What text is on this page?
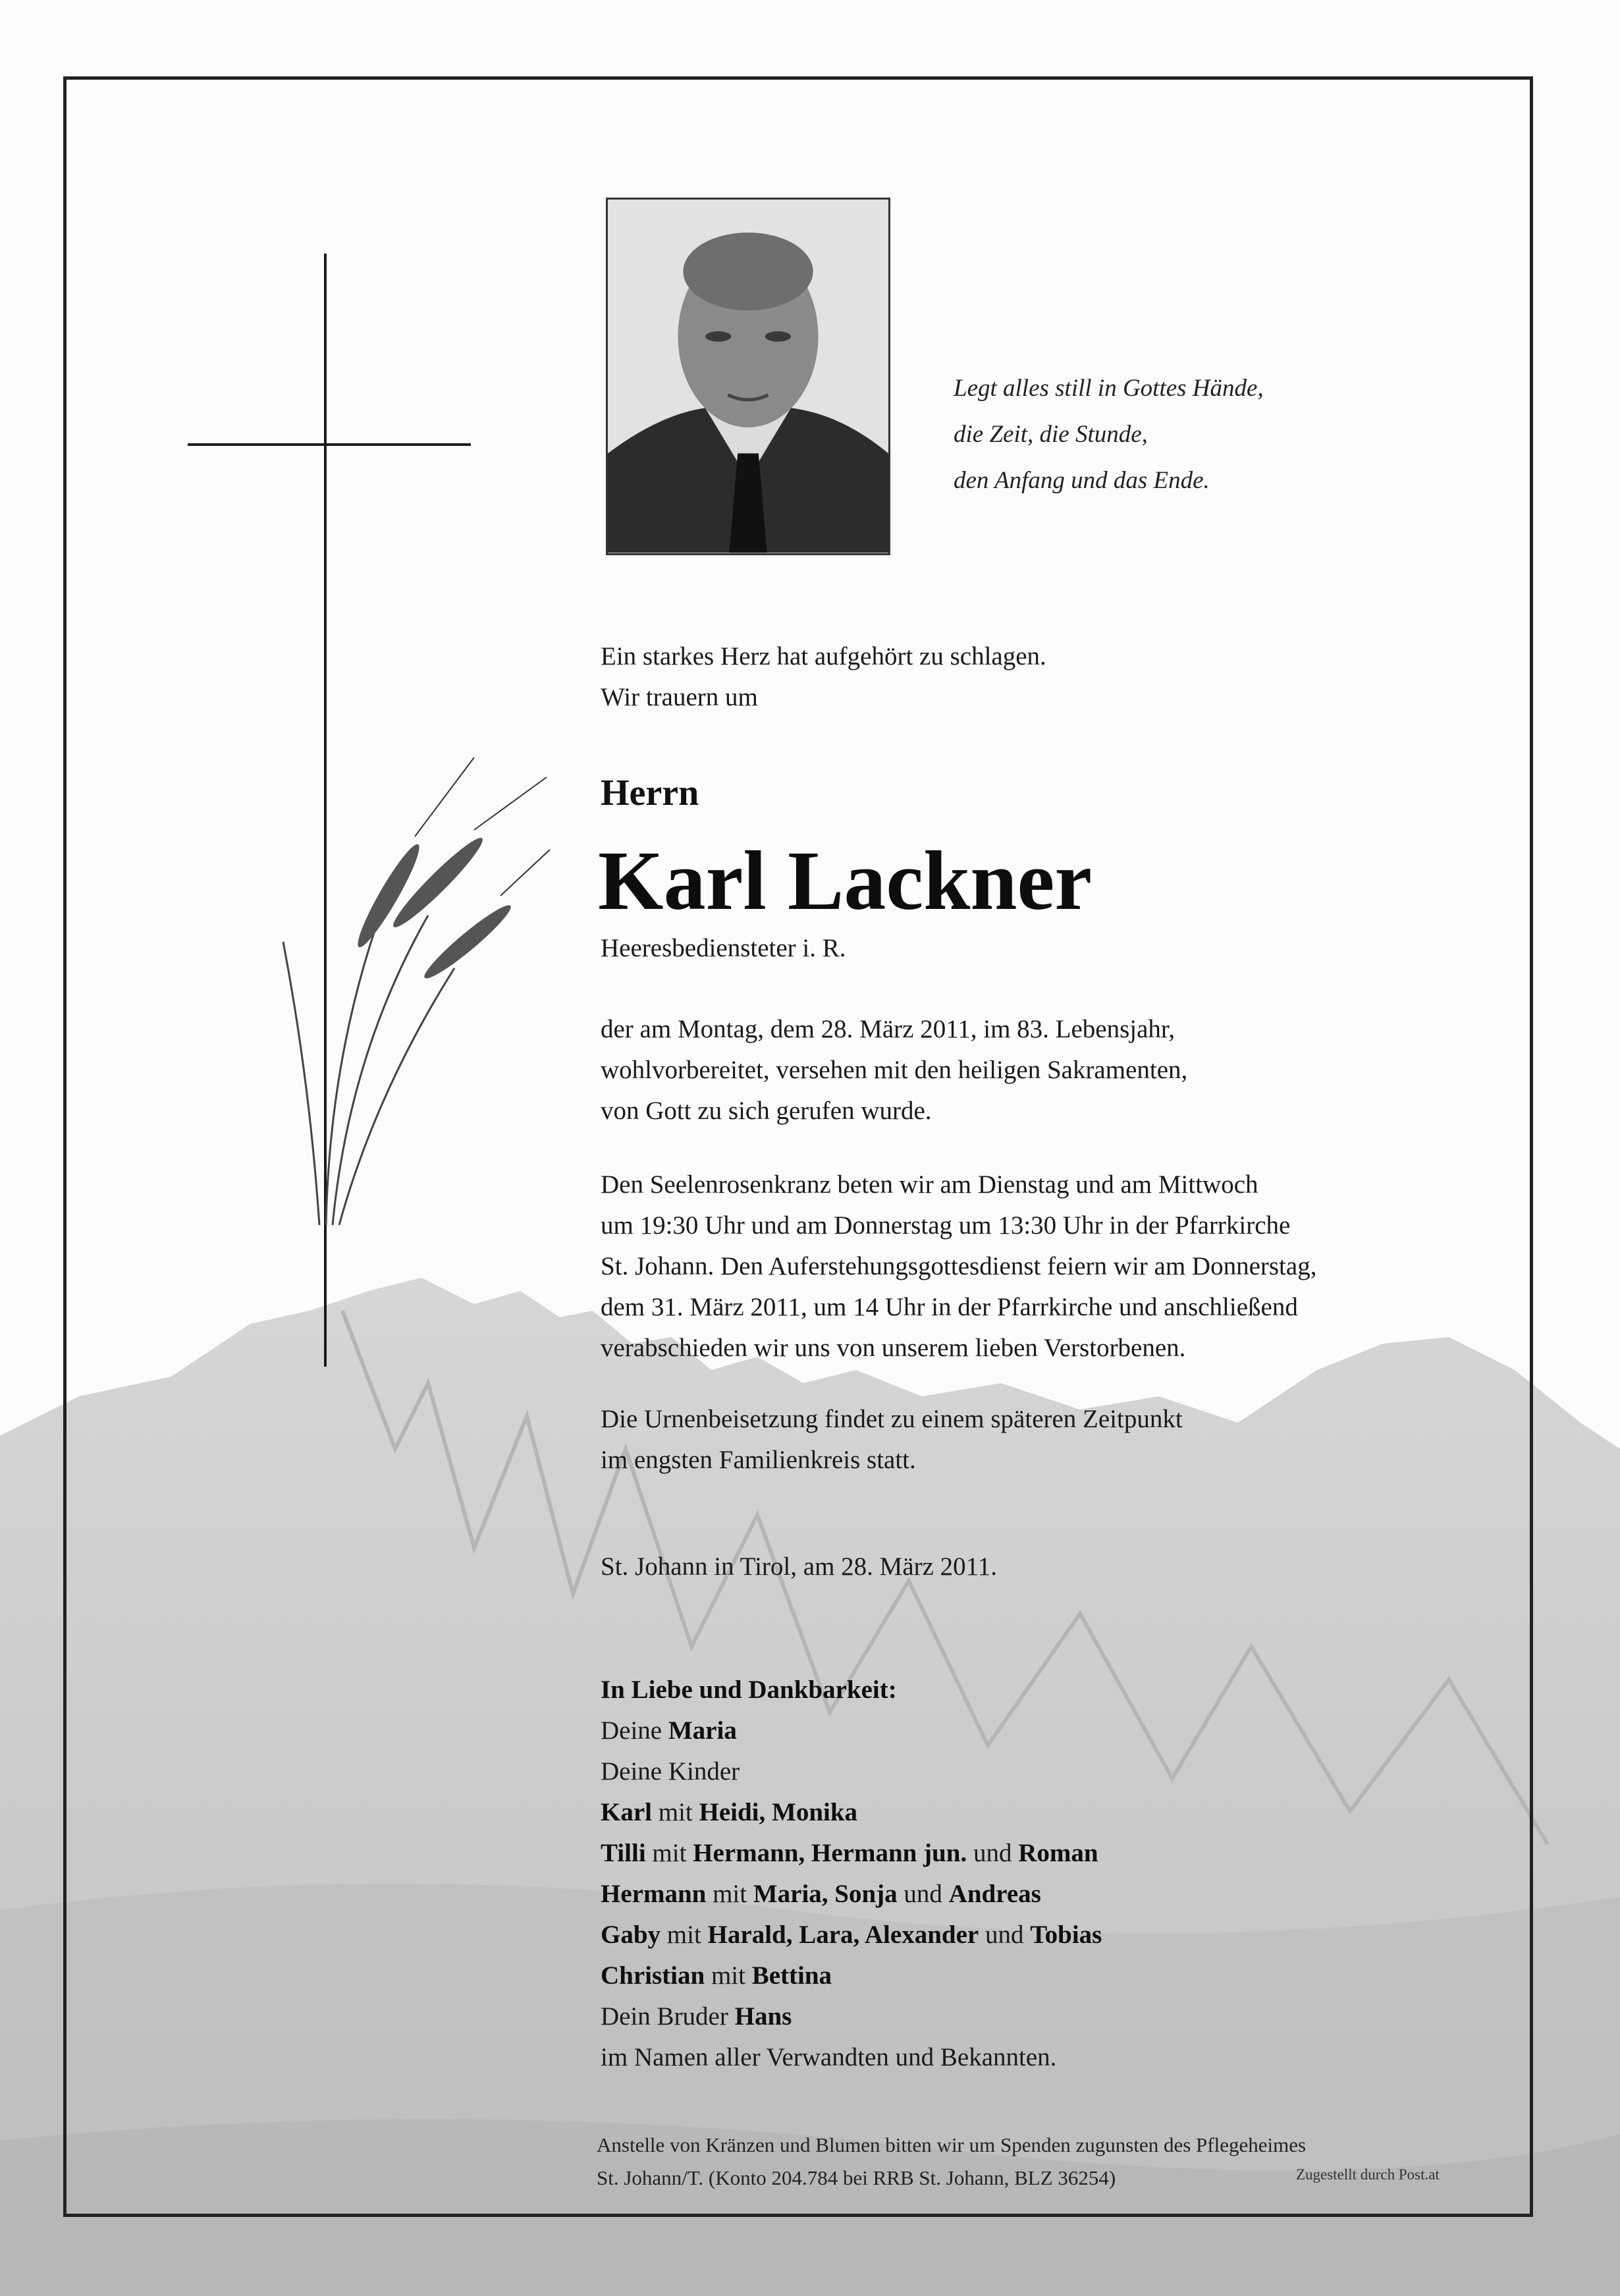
Legt alles still in Gottes Hände,
die Zeit, die Stunde,
den Anfang und das Ende.
Ein starkes Herz hat aufgehört zu schlagen.
Wir trauern um
Herrn
Karl Lackner
Heeresbediensteter i. R.
der am Montag, dem 28. März 2011, im 83. Lebensjahr,
wohlvorbereitet, versehen mit den heiligen Sakramenten,
von Gott zu sich gerufen wurde.
Den Seelenrosenkranz beten wir am Dienstag und am Mittwoch
um 19:30 Uhr und am Donnerstag um 13:30 Uhr in der Pfarrkirche
St. Johann. Den Auferstehungsgottesdienst feiern wir am Donnerstag,
dem 31. März 2011, um 14 Uhr in der Pfarrkirche und anschließend
verabschieden wir uns von unserem lieben Verstorbenen.
Die Urnenbeisetzung findet zu einem späteren Zeitpunkt
im engsten Familienkreis statt.
St. Johann in Tirol, am 28. März 2011.
In Liebe und Dankbarkeit:
Deine Maria
Deine Kinder
Karl mit Heidi, Monika
Tilli mit Hermann, Hermann jun. und Roman
Hermann mit Maria, Sonja und Andreas
Gaby mit Harald, Lara, Alexander und Tobias
Christian mit Bettina
Dein Bruder Hans
im Namen aller Verwandten und Bekannten.
Anstelle von Kränzen und Blumen bitten wir um Spenden zugunsten des Pflegeheimes
St. Johann/T. (Konto 204.784 bei RRB St. Johann, BLZ 36254)	Zugestellt durch Post.at
